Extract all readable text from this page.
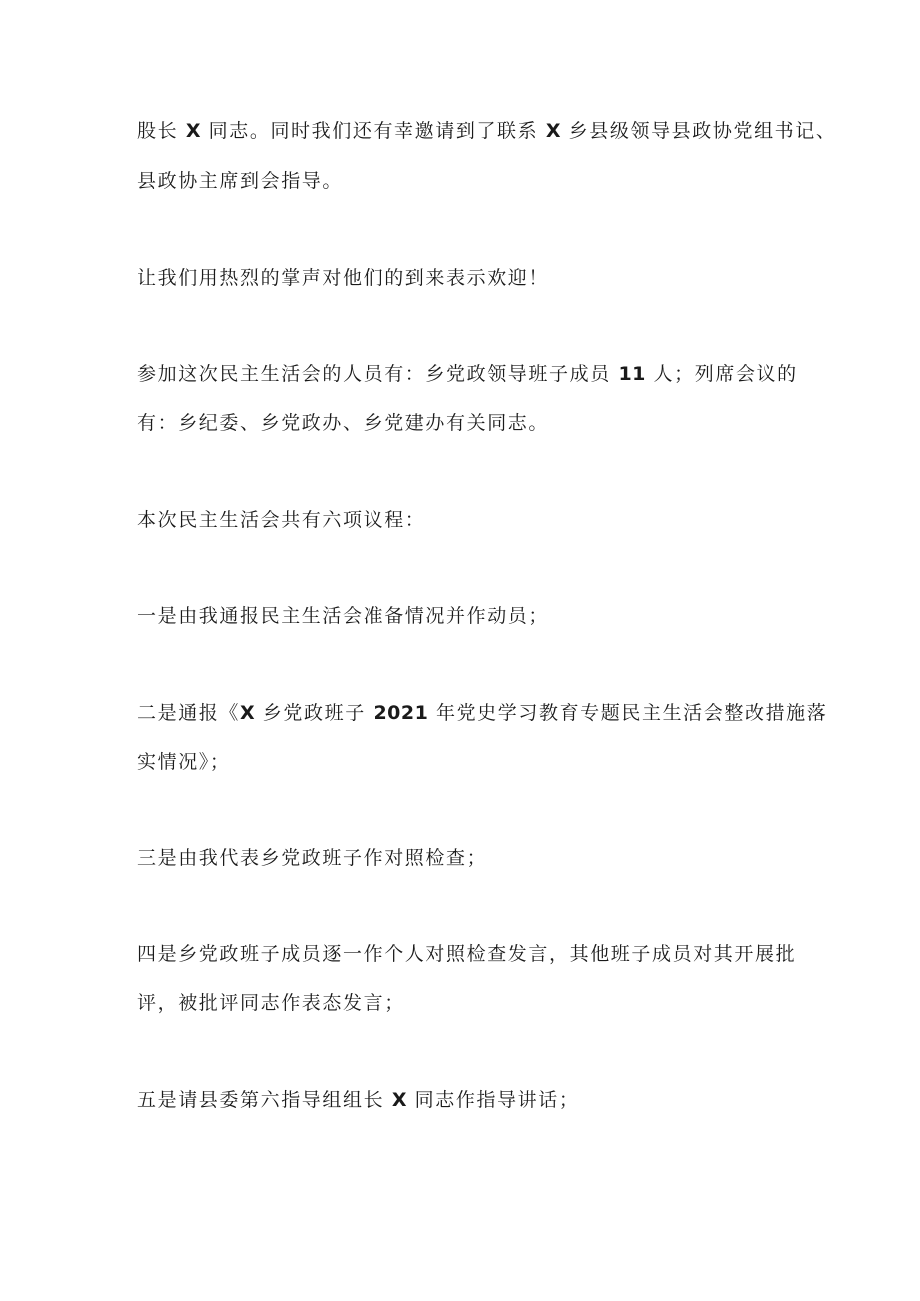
股长 X 同志。同时我们还有幸邀请到了联系 X 乡县级领导县政协党组书记、
县政协主席到会指导。
让我们用热烈的掌声对他们的到来表示欢迎！
参加这次民主生活会的人员有：乡党政领导班子成员 11 人；列席会议的
有：乡纪委、乡党政办、乡党建办有关同志。
本次民主生活会共有六项议程：
一是由我通报民主生活会准备情况并作动员；
二是通报《X 乡党政班子 2021 年党史学习教育专题民主生活会整改措施落
实情况》；
三是由我代表乡党政班子作对照检查；
四是乡党政班子成员逐一作个人对照检查发言，其他班子成员对其开展批
评，被批评同志作表态发言；
五是请县委第六指导组组长 X 同志作指导讲话；
